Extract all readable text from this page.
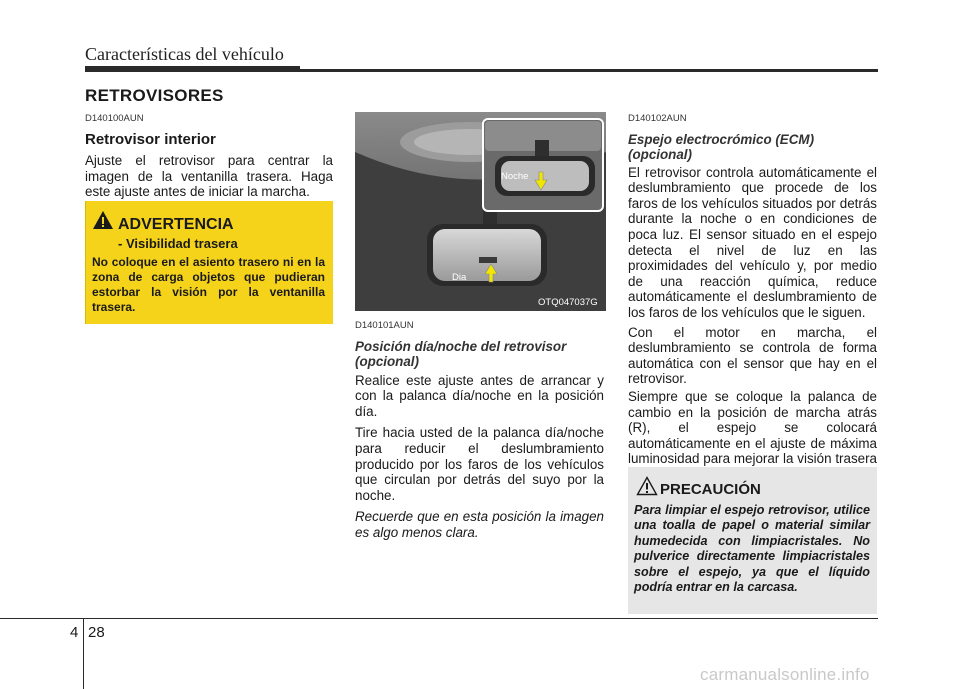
Características del vehículo
RETROVISORES
D140100AUN
Retrovisor interior

Ajuste el retrovisor para centrar la imagen de la ventanilla trasera. Haga este ajuste antes de iniciar la marcha.

ADVERTENCIA
- Visibilidad trasera
No coloque en el asiento trasero ni en la zona de carga objetos que pudieran estorbar la visión por la ventanilla trasera.
Noche
Dia
OTQ047037G
D140101AUN
Posición día/noche del retrovisor
(opcional)

Realice este ajuste antes de arrancar y con la palanca día/noche en la posición día.

Tire hacia usted de la palanca día/noche para reducir el deslumbramiento producido por los faros de los vehículos que circulan por detrás del suyo por la noche.

Recuerde que en esta posición la imagen es algo menos clara.

D140102AUN
Espejo electrocrómico (ECM)
(opcional)

El retrovisor controla automáticamente el deslumbramiento que procede de los faros de los vehículos situados por detrás durante la noche o en condiciones de poca luz. El sensor situado en el espejo detecta el nivel de luz en las proximidades del vehículo y, por medio de una reacción química, reduce automáticamente el deslumbramiento de los faros de los vehículos que le siguen.

Con el motor en marcha, el deslumbramiento se controla de forma automática con el sensor que hay en el retrovisor.

Siempre que se coloque la palanca de cambio en la posición de marcha atrás (R), el espejo se colocará automáticamente en el ajuste de máxima luminosidad para mejorar la visión trasera

PRECAUCIÓN
Para limpiar el espejo retrovisor, utilice una toalla de papel o material similar humedecida con limpiacristales. No pulverice directamente limpiacristales sobre el espejo, ya que el líquido podría entrar en la carcasa.
4 28
carmanualsonline.info
